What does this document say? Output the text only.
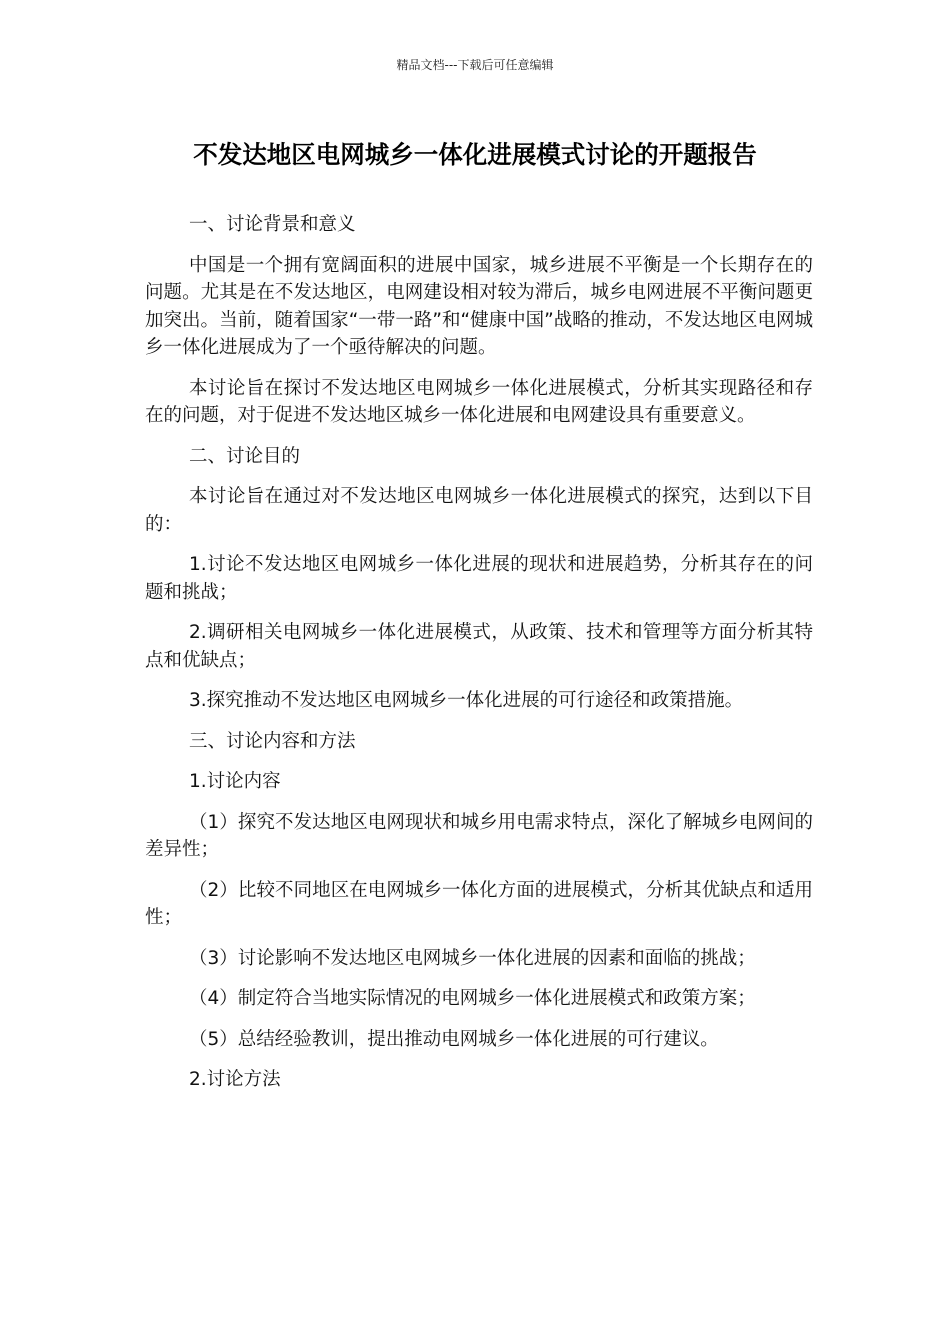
精品文档---下载后可任意编辑
不发达地区电网城乡一体化进展模式讨论的开题报告

一、讨论背景和意义

中国是一个拥有宽阔面积的进展中国家，城乡进展不平衡是一个长期存在的问题。尤其是在不发达地区，电网建设相对较为滞后，城乡电网进展不平衡问题更加突出。当前，随着国家“一带一路”和“健康中国”战略的推动，不发达地区电网城乡一体化进展成为了一个亟待解决的问题。

本讨论旨在探讨不发达地区电网城乡一体化进展模式，分析其实现路径和存在的问题，对于促进不发达地区城乡一体化进展和电网建设具有重要意义。

二、讨论目的

本讨论旨在通过对不发达地区电网城乡一体化进展模式的探究，达到以下目的：

1.讨论不发达地区电网城乡一体化进展的现状和进展趋势，分析其存在的问题和挑战；

2.调研相关电网城乡一体化进展模式，从政策、技术和管理等方面分析其特点和优缺点；

3.探究推动不发达地区电网城乡一体化进展的可行途径和政策措施。

三、讨论内容和方法

1.讨论内容

（1）探究不发达地区电网现状和城乡用电需求特点，深化了解城乡电网间的差异性；

（2）比较不同地区在电网城乡一体化方面的进展模式，分析其优缺点和适用性；

（3）讨论影响不发达地区电网城乡一体化进展的因素和面临的挑战；

（4）制定符合当地实际情况的电网城乡一体化进展模式和政策方案；

（5）总结经验教训，提出推动电网城乡一体化进展的可行建议。

2.讨论方法
